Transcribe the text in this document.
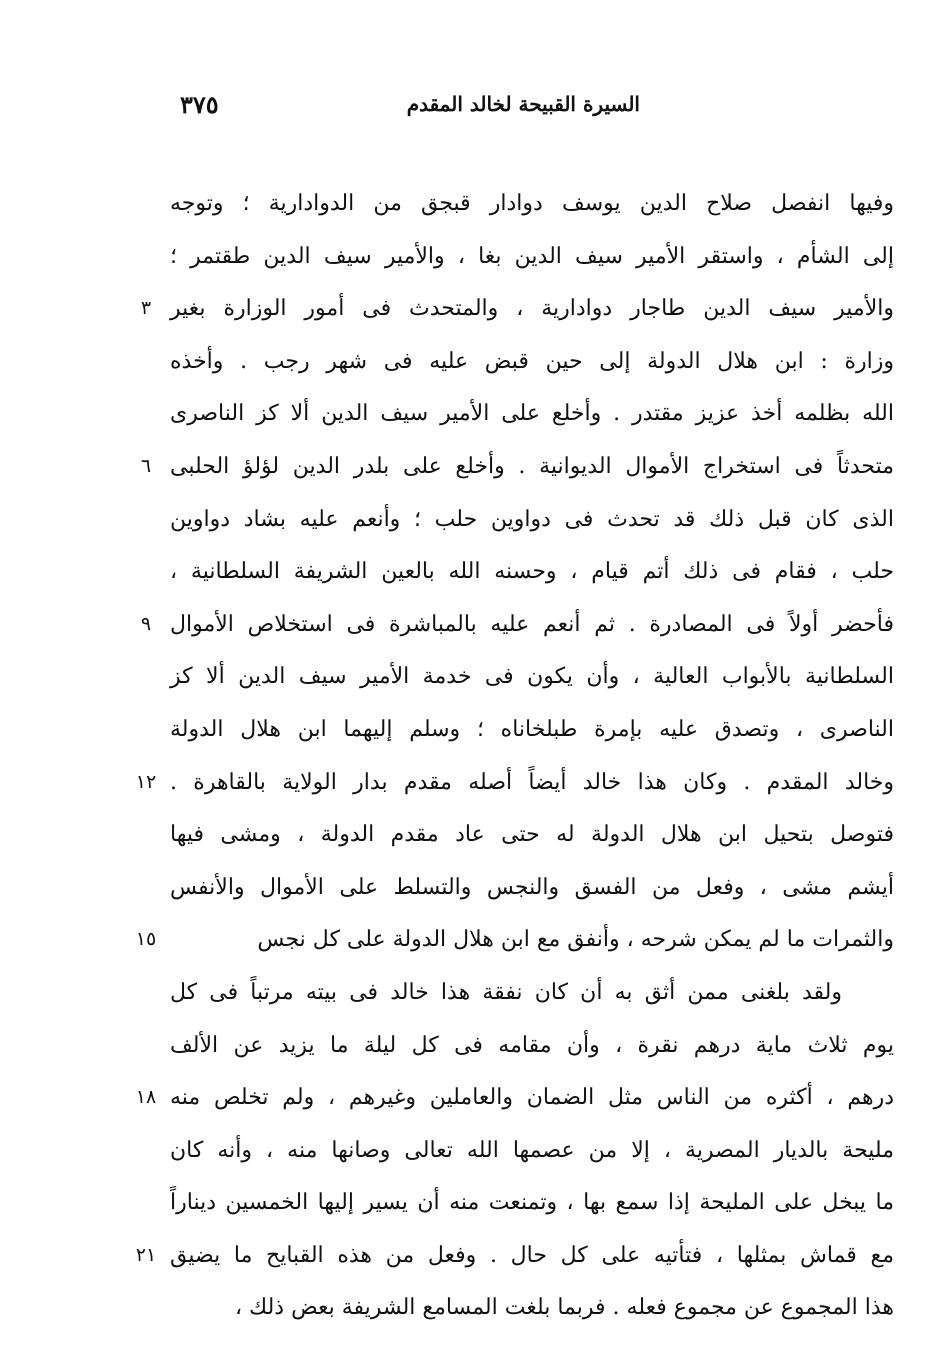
السيرة القبيحة لخالد المقدم
٣٧٥
وفيها انفصل صلاح الدين يوسف دوادار قبجق من الدوادارية ؛ وتوجه
إلى الشأم ، واستقر الأمير سيف الدين بغا ، والأمير سيف الدين طقتمر ؛
والأمير سيف الدين طاجار دوادارية ، والمتحدث فى أمور الوزارة بغير
وزارة : ابن هلال الدولة إلى حين قبض عليه فى شهر رجب . وأخذه
الله بظلمه أخذ عزيز مقتدر . وأخلع على الأمير سيف الدين ألا كز الناصرى
متحدثاً فى استخراج الأموال الديوانية . وأخلع على بلدر الدين لؤلؤ الحلبى
الذى كان قبل ذلك قد تحدث فى دواوين حلب ؛ وأنعم عليه بشاد دواوين
حلب ، فقام فى ذلك أتم قيام ، وحسنه الله بالعين الشريفة السلطانية ،
فأحضر أولاً فى المصادرة . ثم أنعم عليه بالمباشرة فى استخلاص الأموال
السلطانية بالأبواب العالية ، وأن يكون فى خدمة الأمير سيف الدين ألا كز
الناصرى ، وتصدق عليه بإمرة طبلخاناه ؛ وسلم إليهما ابن هلال الدولة
وخالد المقدم . وكان هذا خالد أيضاً أصله مقدم بدار الولاية بالقاهرة .
فتوصل بتحيل ابن هلال الدولة له حتى عاد مقدم الدولة ، ومشى فيها
أيشم مشى ، وفعل من الفسق والنجس والتسلط على الأموال والأنفس
والثمرات ما لم يمكن شرحه ، وأنفق مع ابن هلال الدولة على كل نجس
ولقد بلغنى ممن أثق به أن كان نفقة هذا خالد فى بيته مرتباً فى كل
يوم ثلاث ماية درهم نقرة ، وأن مقامه فى كل ليلة ما يزيد عن الألف
درهم ، أكثره من الناس مثل الضمان والعاملين وغيرهم ، ولم تخلص منه
مليحة بالديار المصرية ، إلا من عصمها الله تعالى وصانها منه ، وأنه كان
ما يبخل على المليحة إذا سمع بها ، وتمنعت منه أن يسير إليها الخمسين ديناراً
مع قماش بمثلها ، فتأتيه على كل حال . وفعل من هذه القبايح ما يضيق
هذا المجموع عن مجموع فعله . فربما بلغت المسامع الشريفة بعض ذلك ،
٣
٦
٩
١٢
١٥
١٨
٢١
